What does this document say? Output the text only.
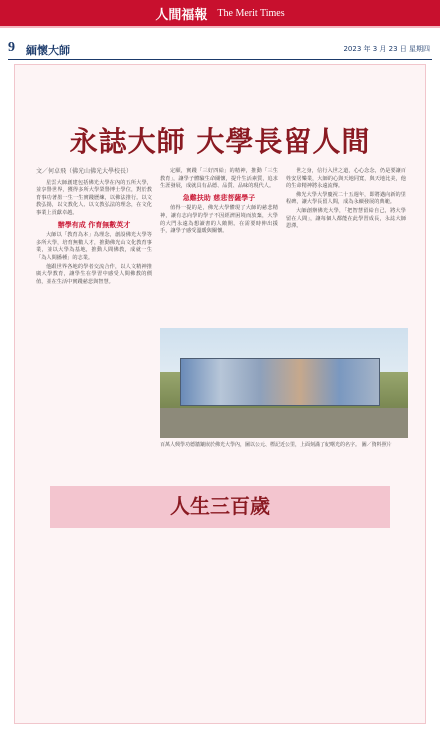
人間福報 The Merit Times
9 緬懷大師	2023 年 3 月 23 日 星期四
永誌大師 大學長留人間
文／何卓飛（佛光山佛光大學校長）

星雲大師創建包括佛光大學在內的五所大學，並享譽世界，獲得多所大學榮譽博士學位，對於教育事功著墨一生一生實踐歷練，以佛法推行。以文教弘揚，以文教化人、以文教弘法的理念，在文化事業上貢獻卓越。

辦學有成 作育無數英才

大師以「教育為本」為理念，創設佛光大學等多所大學，培育無數人才，推動佛光山文化教育事業，並以大學為基地，推動人間佛教，成就一生「為人間播種」的志業。

他跟世界各地的學者交流合作，以人文精神推廣大學教育，讓學生在學習中感受人間佛教的價值，並在生活中實踐慈悲與智慧。

定願，實踐「三好四給」的精神，推動「三生教育」，讓學子體驗生命關懷，提升生活素質，追求生涯發展，成就具有品德、品質、品味的現代人。

急難扶助 慈悲菩薩學子

值得一提的是，佛光大學體現了大師的慈悲精神，讓有志向學的學子不因經濟困境而放棄，大學的大門永遠為想讀書的人敞開。在需要時伸出援手，讓學子感受溫暖與關懷。

世之身，信行入世之道，心心念念，仍是要讓百姓安居樂業，大師的心與天地同寬，與天地比美，他的生命精神將永遠流傳。

佛光大學大學慶祝二十五週年，即將邁向新的里程碑，讓大學長留人間，成為永續發展的典範。

大師創辦佛光大學，「把智慧留給自己，將大學留在人間」，讓每個人都能在此學習成長，永誌大師恩澤。

百萬人興學功德牆鑲嵌於佛光大學內，圖以公元、標記近公里，上面刻滿了紀曙光的名字。 圖／資料照片
人生三百歲
